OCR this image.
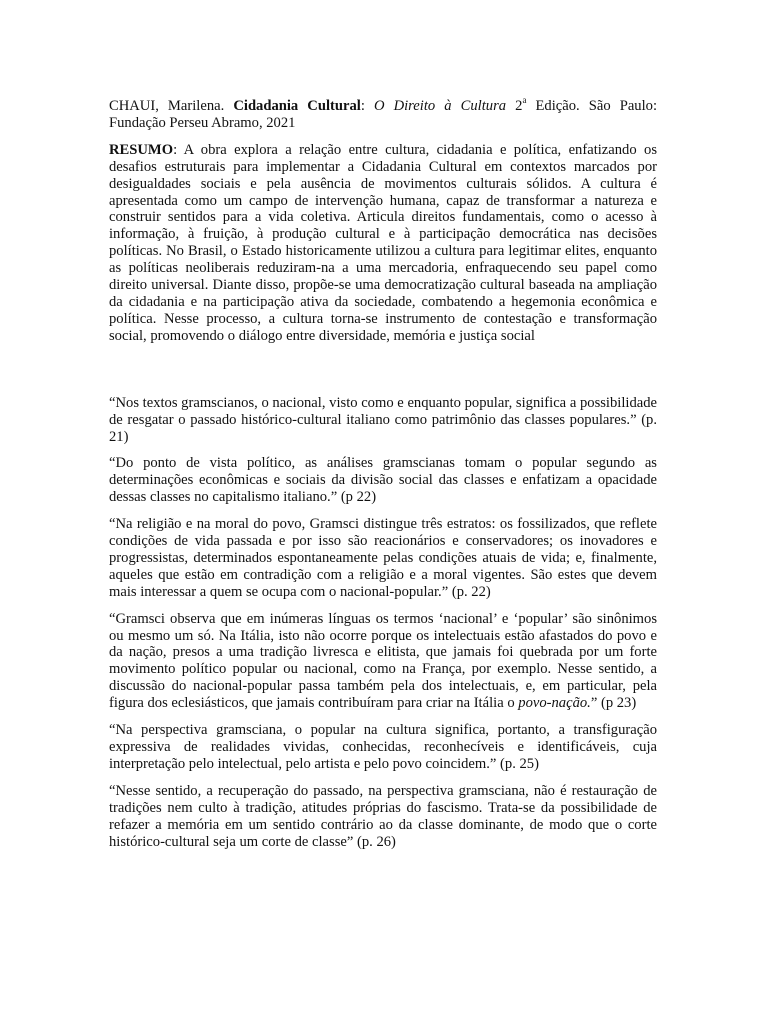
CHAUI, Marilena. Cidadania Cultural: O Direito à Cultura 2$^a$ Edição. São Paulo: Fundação Perseu Abramo, 2021

RESUMO: A obra explora a relação entre cultura, cidadania e política, enfatizando os desafios estruturais para implementar a Cidadania Cultural em contextos marcados por desigualdades sociais e pela ausência de movimentos culturais sólidos. A cultura é apresentada como um campo de intervenção humana, capaz de transformar a natureza e construir sentidos para a vida coletiva. Articula direitos fundamentais, como o acesso à informação, à fruição, à produção cultural e à participação democrática nas decisões políticas. No Brasil, o Estado historicamente utilizou a cultura para legitimar elites, enquanto as políticas neoliberais reduziram-na a uma mercadoria, enfraquecendo seu papel como direito universal. Diante disso, propõe-se uma democratização cultural baseada na ampliação da cidadania e na participação ativa da sociedade, combatendo a hegemonia econômica e política. Nesse processo, a cultura torna-se instrumento de contestação e transformação social, promovendo o diálogo entre diversidade, memória e justiça social

“Nos textos gramscianos, o nacional, visto como e enquanto popular, significa a possibilidade de resgatar o passado histórico-cultural italiano como patrimônio das classes populares.” (p. 21)

“Do ponto de vista político, as análises gramscianas tomam o popular segundo as determinações econômicas e sociais da divisão social das classes e enfatizam a opacidade dessas classes no capitalismo italiano.” (p 22)

“Na religião e na moral do povo, Gramsci distingue três estratos: os fossilizados, que reflete condições de vida passada e por isso são reacionários e conservadores; os inovadores e progressistas, determinados espontaneamente pelas condições atuais de vida; e, finalmente, aqueles que estão em contradição com a religião e a moral vigentes. São estes que devem mais interessar a quem se ocupa com o nacional-popular.” (p. 22)

“Gramsci observa que em inúmeras línguas os termos ‘nacional’ e ‘popular’ são sinônimos ou mesmo um só. Na Itália, isto não ocorre porque os intelectuais estão afastados do povo e da nação, presos a uma tradição livresca e elitista, que jamais foi quebrada por um forte movimento político popular ou nacional, como na França, por exemplo. Nesse sentido, a discussão do nacional-popular passa também pela dos intelectuais, e, em particular, pela figura dos eclesiásticos, que jamais contribuíram para criar na Itália o povo-nação.” (p 23)

“Na perspectiva gramsciana, o popular na cultura significa, portanto, a transfiguração expressiva de realidades vividas, conhecidas, reconhecíveis e identificáveis, cuja interpretação pelo intelectual, pelo artista e pelo povo coincidem.” (p. 25)

“Nesse sentido, a recuperação do passado, na perspectiva gramsciana, não é restauração de tradições nem culto à tradição, atitudes próprias do fascismo. Trata-se da possibilidade de refazer a memória em um sentido contrário ao da classe dominante, de modo que o corte histórico-cultural seja um corte de classe” (p. 26)
